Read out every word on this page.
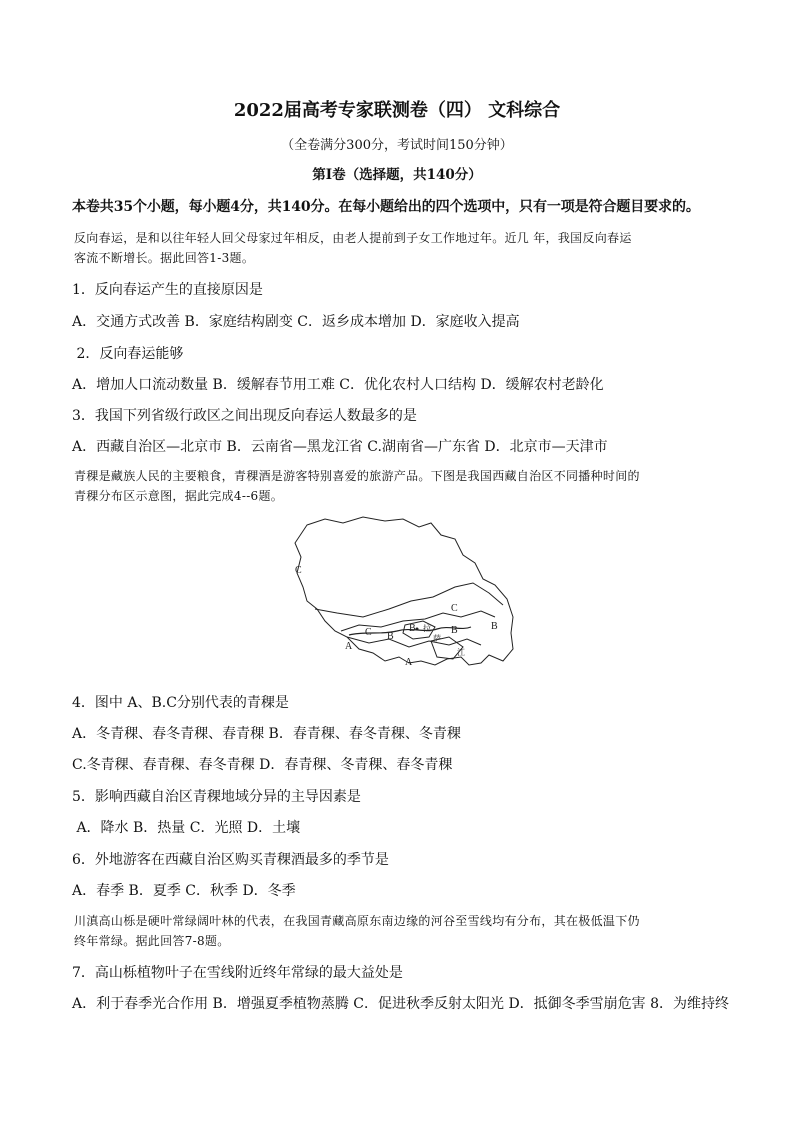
2022届高考专家联测卷（四） 文科综合
（全卷满分300分，考试时间150分钟）
第I卷（选择题，共140分）
本卷共35个小题，每小题4分，共140分。在每小题给出的四个选项中，只有一项是符合题目要求的。
反向春运，是和以往年轻人回父母家过年相反，由老人提前到子女工作地过年。近几 年，我国反向春运
客流不断增长。据此回答1-3题。
1．反向春运产生的直接原因是
A．交通方式改善 B．家庭结构剧变 C．返乡成本增加 D．家庭收入提高
2．反向春运能够
A．增加人口流动数量 B．缓解春节用工难 C．优化农村人口结构 D．缓解农村老龄化
3．我国下列省级行政区之间出现反向春运人数最多的是
A．西藏自治区—北京市 B．云南省—黑龙江省 C.湖南省—广东省 D．北京市—天津市
青稞是藏族人民的主要粮食，青稞酒是游客特别喜爱的旅游产品。下图是我国西藏自治区不同播种时间的
青稞分布区示意图，据此完成4--6题。
C
C
C
B
B	B
B
A
A
拉
萨
江
4．图中 A、B.C分别代表的青稞是
A．冬青稞、春冬青稞、春青稞 B．春青稞、春冬青稞、冬青稞
C.冬青稞、春青稞、春冬青稞 D．春青稞、冬青稞、春冬青稞
5．影响西藏自治区青稞地域分异的主导因素是
A．降水 B．热量 C．光照 D．土壤
6．外地游客在西藏自治区购买青稞酒最多的季节是
A．春季 B．夏季 C．秋季 D．冬季
川滇高山栎是硬叶常绿阔叶林的代表，在我国青藏高原东南边缘的河谷至雪线均有分布，其在极低温下仍
终年常绿。据此回答7-8题。
7．高山栎植物叶子在雪线附近终年常绿的最大益处是
A．利于春季光合作用 B．增强夏季植物蒸腾 C．促进秋季反射太阳光 D．抵御冬季雪崩危害 8．为维持终
